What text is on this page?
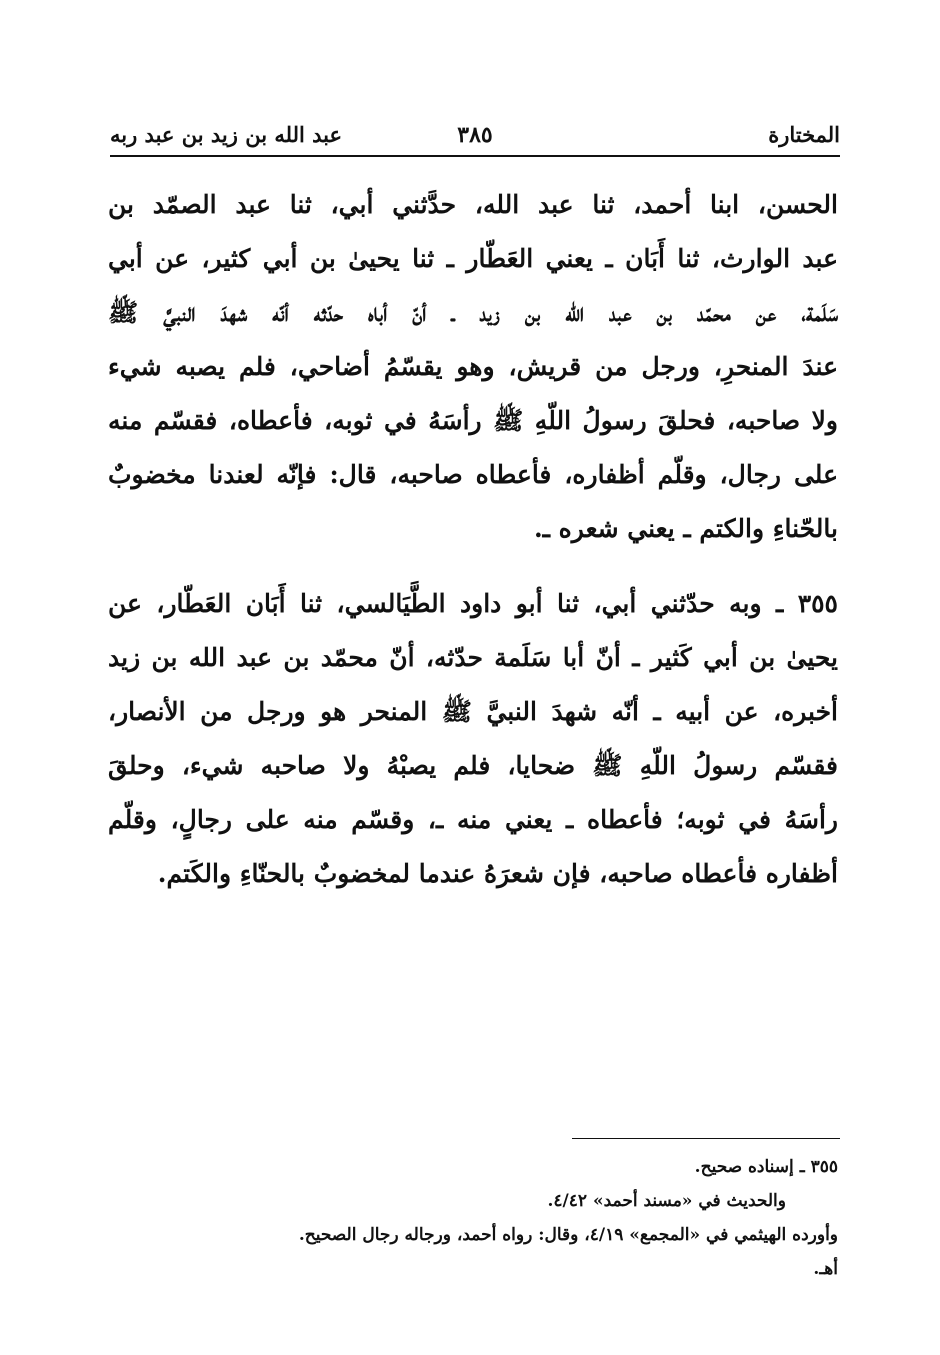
المختارة
٣٨٥
عبد الله بن زيد بن عبد ربه
الحسن، ابنا أحمد، ثنا عبد الله، حدَّثني أبي، ثنا عبد الصمّد بن
عبد الوارث، ثنا أَبَان ـ يعني العَطّار ـ ثنا يحيىٰ بن أبي كثير، عن أبي
سَلَمة، عن محمّد بن عبد الله بن زيد ـ أنّ أباه حدّثه أنّه شهدَ النبيَّ ﷺ
عندَ المنحرِ، ورجل من قريش، وهو يقسّمُ أضاحي، فلم يصبه شيء
ولا صاحبه، فحلقَ رسولُ اللّهِ ﷺ رأسَهُ في ثوبه، فأعطاه، فقسّم منه
على رجال، وقلّم أظفاره، فأعطاه صاحبه، قال: فإنّه لعندنا مخضوبٌ
بالحّناءِ والكتم ـ يعني شعره ـ.
٣٥٥ ـ وبه حدّثني أبي، ثنا أبو داود الطَّيَالسي، ثنا أَبَان العَطّار، عن
يحيىٰ بن أبي كَثير ـ أنّ أبا سَلَمة حدّثه، أنّ محمّد بن عبد الله بن زيد
أخبره، عن أبيه ـ أنّه شهدَ النبيَّ ﷺ المنحر هو ورجل من الأنصار،
فقسّم رسولُ اللّهِ ﷺ ضحايا، فلم يصبْهُ ولا صاحبه شيء، وحلقَ
رأسَهُ في ثوبه؛ فأعطاه ـ يعني منه ـ، وقسّم منه على رجالٍ، وقلّم
أظفاره فأعطاه صاحبه، فإن شعرَهُ عندما لمخضوبٌ بالحنّاءِ والكَتم.
٣٥٥ ـ إسناده صحيح.
والحديث في «مسند أحمد» ٤/٤٢.
وأورده الهيثمي في «المجمع» ٤/١٩، وقال: رواه أحمد، ورجاله رجال الصحيح.
أهـ.
